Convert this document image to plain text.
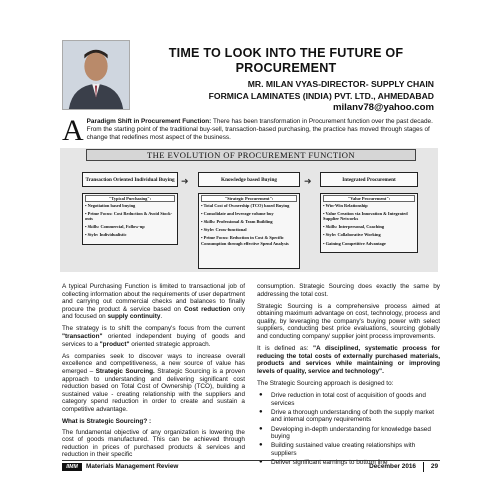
TIME TO LOOK INTO THE FUTURE OF
PROCUREMENT
MR. MILAN VYAS-DIRECTOR- SUPPLY CHAIN
FORMICA LAMINATES (INDIA) PVT. LTD., AHMEDABAD
milanv78@yahoo.com
A Paradigm Shift in Procurement Function: There has been transformation in Procurement function over the past decade. From the starting point of the traditional buy-sell, transaction-based purchasing, the practice has moved through stages of change that redefines most aspect of the business.
THE EVOLUTION OF PROCUREMENT FUNCTION
Transaction Oriented Individual Buying	Knowledge based Buying	Integrated Procurement
➜	➜
"Typical Purchasing":
• Negotiation based buying
• Prime Focus: Cost Reduction & Avoid Stock-outs
• Skills: Commercial, Follow-up
• Style: Individualistic
"Strategic Procurement":
• Total Cost of Ownership (TCO) based Buying
• Consolidate and leverage volume buy
• Skills: Professional & Team Building
• Style: Cross-functional
• Prime Focus: Reduction in Cost & Specific Consumption through effective Spend Analysis
"Value Procurement":
• Win-Win Relationship
• Value Creation via Innovation & Integrated Supplier Networks
• Skills: Interpersonal, Coaching
• Style: Collaborative Working
• Gaining Competitive Advantage

A typical Purchasing Function is limited to transactional job of collecting information about the requirements of user department and carrying out commercial checks and balances to finally procure the product & service based on Cost reduction only and focused on supply continuity.

The strategy is to shift the company's focus from the current "transaction" oriented independent buying of goods and services to a "product" oriented strategic approach.

As companies seek to discover ways to increase overall excellence and competitiveness, a new source of value has emerged – Strategic Sourcing. Strategic Sourcing is a proven approach to understanding and delivering significant cost reduction based on Total Cost of Ownership (TCO), building a sustained value - creating relationship with the suppliers and category spend reduction in order to create and sustain a competitive advantage.

What is Strategic Sourcing? :

The fundamental objective of any organization is lowering the cost of goods manufactured. This can be achieved through reduction in prices of purchased products & services and reduction in their specific

consumption. Strategic Sourcing does exactly the same by addressing the total cost.

Strategic Sourcing is a comprehensive process aimed at obtaining maximum advantage on cost, technology, process and quality, by leveraging the company's buying power with select suppliers, conducting best price evaluations, sourcing globally and conducting company/ supplier joint process improvements.

It is defined as: "A disciplined, systematic process for reducing the total costs of externally purchased materials, products and services while maintaining or improving levels of quality, service and technology".

The Strategic Sourcing approach is designed to:

● Drive reduction in total cost of acquisition of goods and services
● Drive a thorough understanding of both the supply market and internal company requirements
● Developing in-depth understanding for knowledge based buying
● Building sustained value creating relationships with suppliers
● Deliver significant earnings to bottom line
IIMM	Materials Management Review	December 2016 29
